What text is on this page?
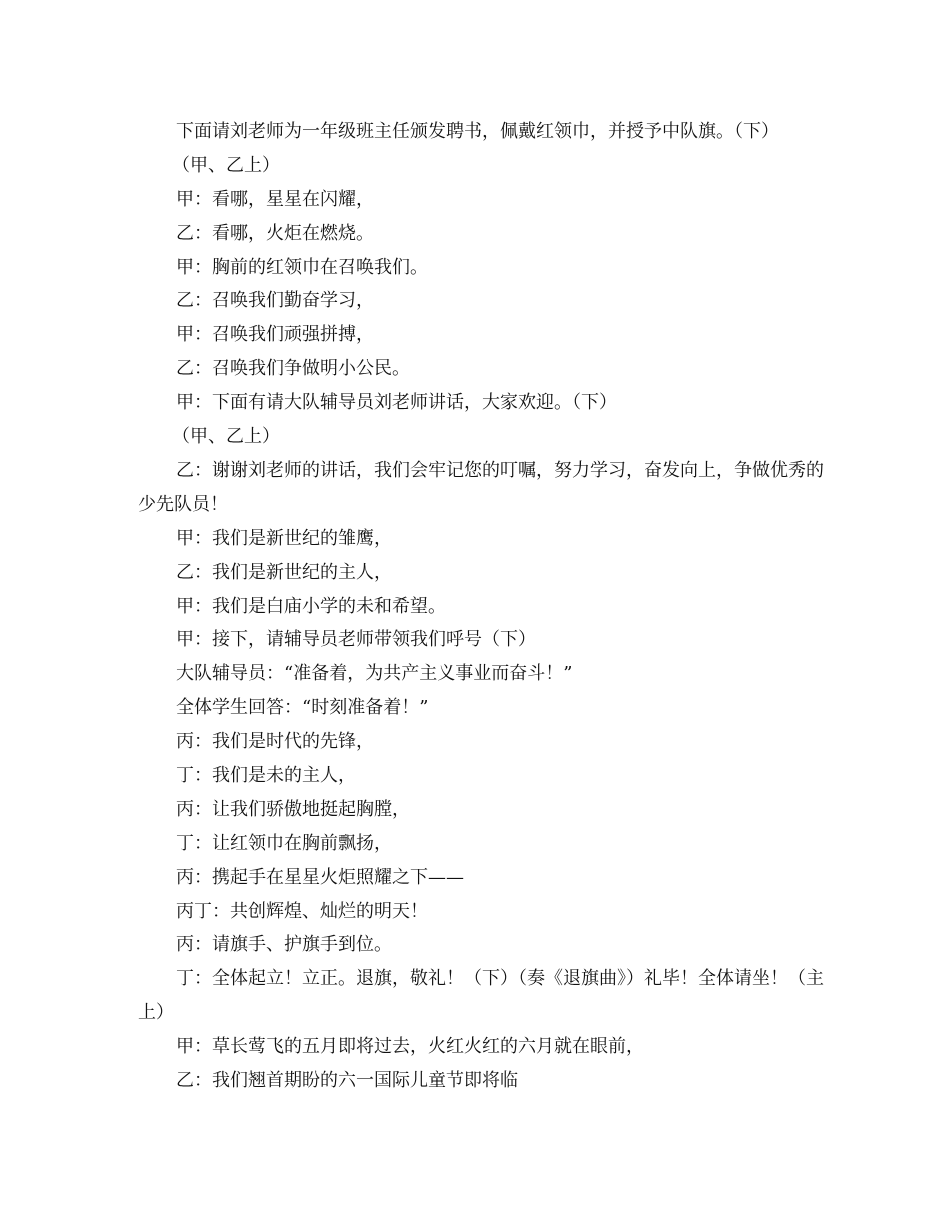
下面请刘老师为一年级班主任颁发聘书，佩戴红领巾，并授予中队旗。（下）
（甲、乙上）
甲：看哪，星星在闪耀，
乙：看哪，火炬在燃烧。
甲：胸前的红领巾在召唤我们。
乙：召唤我们勤奋学习，
甲：召唤我们顽强拼搏，
乙：召唤我们争做明小公民。
甲：下面有请大队辅导员刘老师讲话，大家欢迎。（下）
（甲、乙上）
乙：谢谢刘老师的讲话，我们会牢记您的叮嘱，努力学习，奋发向上，争做优秀的少先队员！
甲：我们是新世纪的雏鹰，
乙：我们是新世纪的主人，
甲：我们是白庙小学的未和希望。
甲：接下，请辅导员老师带领我们呼号（下）
大队辅导员：“准备着，为共产主义事业而奋斗！”
全体学生回答：“时刻准备着！”
丙：我们是时代的先锋，
丁：我们是未的主人，
丙：让我们骄傲地挺起胸膛，
丁：让红领巾在胸前飘扬，
丙：携起手在星星火炬照耀之下——
丙丁：共创辉煌、灿烂的明天！
丙：请旗手、护旗手到位。
丁：全体起立！立正。退旗，敬礼！（下）（奏《退旗曲》）礼毕！全体请坐！（主上）
甲：草长莺飞的五月即将过去，火红火红的六月就在眼前，
乙：我们翘首期盼的六一国际儿童节即将临
